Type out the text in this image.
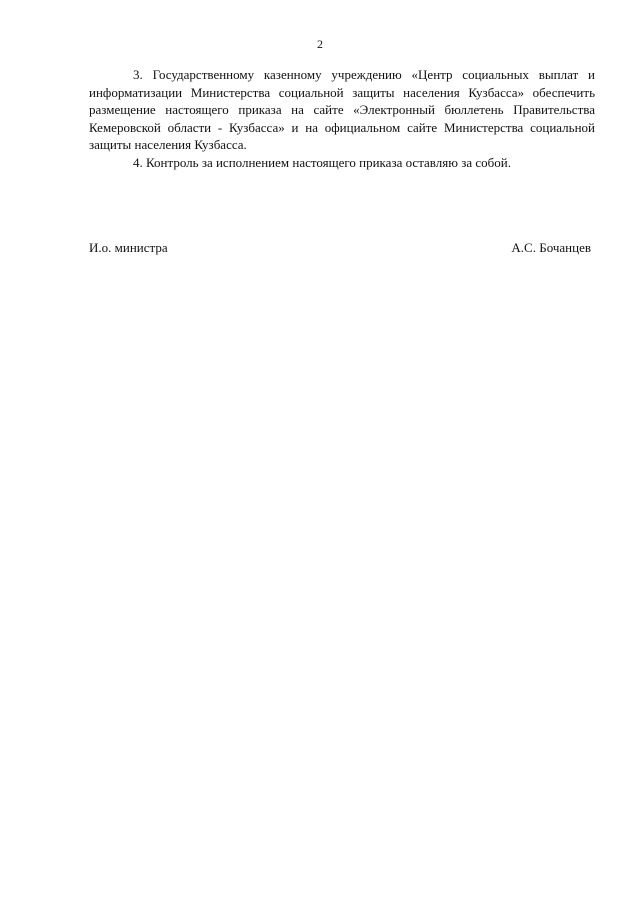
2

3. Государственному казенному учреждению «Центр социальных выплат и информатизации Министерства социальной защиты населения Кузбасса» обеспечить размещение настоящего приказа на сайте «Электронный бюллетень Правительства Кемеровской области - Кузбасса» и на официальном сайте Министерства социальной защиты населения Кузбасса.

4. Контроль за исполнением настоящего приказа оставляю за собой.

И.о. министра	А.С. Бочанцев
